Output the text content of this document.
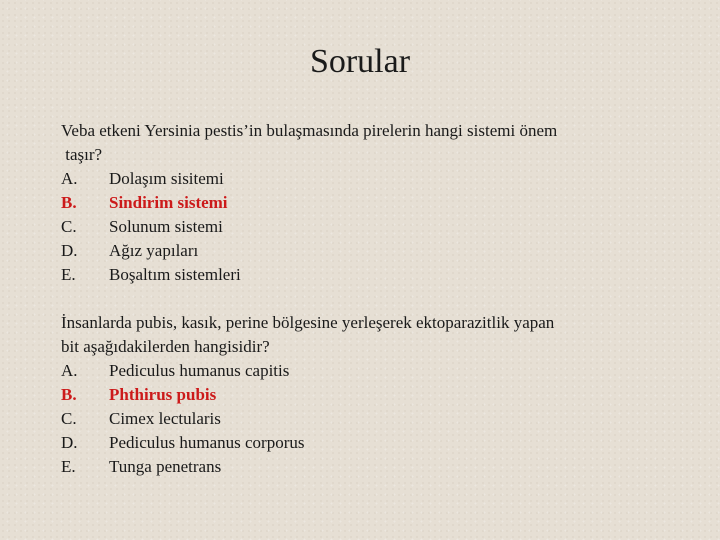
Sorular
Veba etkeni Yersinia pestis’in bulaşmasında pirelerin hangi sistemi önem
taşır?
A.	Dolaşım sisitemi
B.	Sindirim sistemi
C.	Solunum sistemi
D.	Ağız yapıları
E.	Boşaltım sistemleri
İnsanlarda pubis, kasık, perine bölgesine yerleşerek ektoparazitlik yapan
bit aşağıdakilerden hangisidir?
A.	Pediculus humanus capitis
B.	Phthirus pubis
C.	Cimex lectularis
D.	Pediculus humanus corporus
E.	Tunga penetrans
